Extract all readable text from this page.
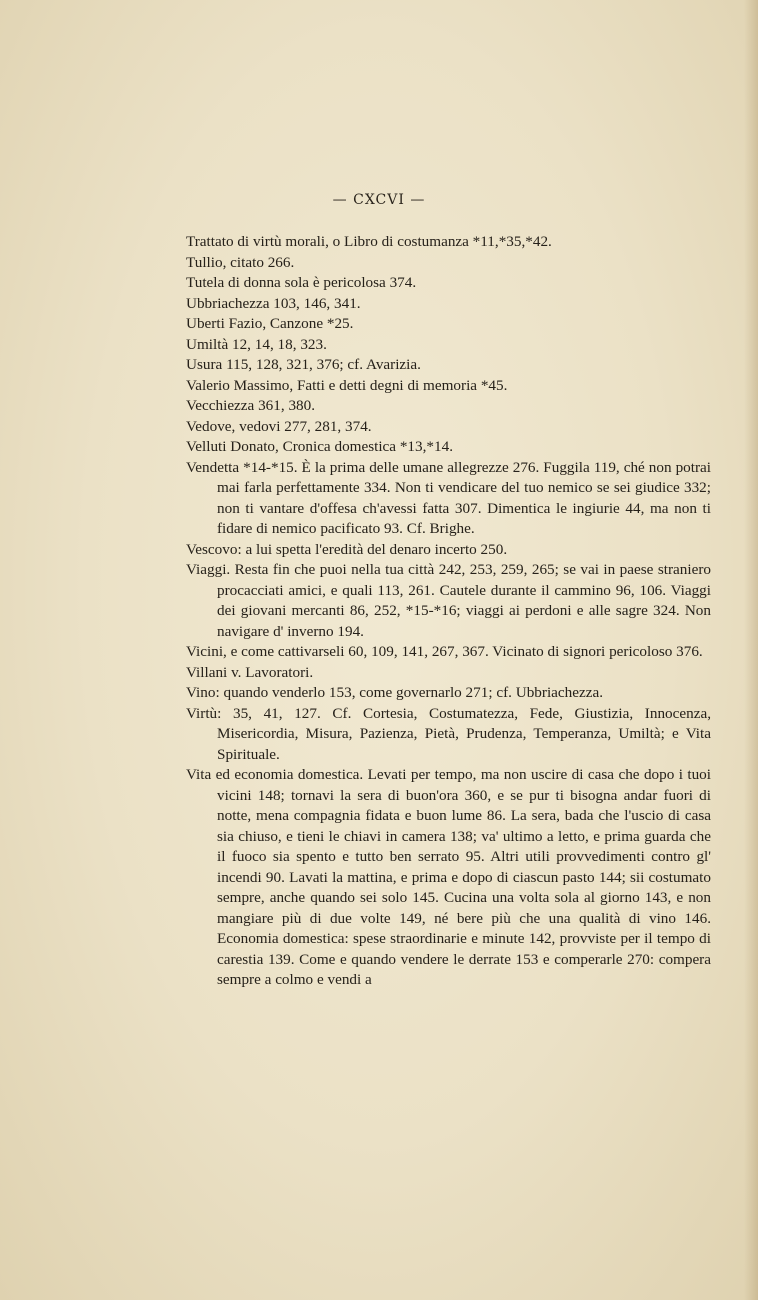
— CXCVI —
Trattato di virtù morali, o Libro di costumanza *11,*35,*42.
Tullio, citato 266.
Tutela di donna sola è pericolosa 374.
Ubbriachezza 103, 146, 341.
Uberti Fazio, Canzone *25.
Umiltà 12, 14, 18, 323.
Usura 115, 128, 321, 376; cf. Avarizia.
Valerio Massimo, Fatti e detti degni di memoria *45.
Vecchiezza 361, 380.
Vedove, vedovi 277, 281, 374.
Velluti Donato, Cronica domestica *13,*14.
Vendetta *14-*15. È la prima delle umane allegrezze 276. Fuggila 119, ché non potrai mai farla perfettamente 334. Non ti vendicare del tuo nemico se sei giudice 332; non ti vantare d'offesa ch'avessi fatta 307. Dimentica le ingiurie 44, ma non ti fidare di nemico pacificato 93. Cf. Brighe.
Vescovo: a lui spetta l'eredità del denaro incerto 250.
Viaggi. Resta fin che puoi nella tua città 242, 253, 259, 265; se vai in paese straniero procacciati amici, e quali 113, 261. Cautele durante il cammino 96, 106. Viaggi dei giovani mercanti 86, 252, *15-*16; viaggi ai perdoni e alle sagre 324. Non navigare d' inverno 194.
Vicini, e come cattivarseli 60, 109, 141, 267, 367. Vicinato di signori pericoloso 376.
Villani v. Lavoratori.
Vino: quando venderlo 153, come governarlo 271; cf. Ubbriachezza.
Virtù: 35, 41, 127. Cf. Cortesia, Costumatezza, Fede, Giustizia, Innocenza, Misericordia, Misura, Pazienza, Pietà, Prudenza, Temperanza, Umiltà; e Vita Spirituale.
Vita ed economia domestica. Levati per tempo, ma non uscire di casa che dopo i tuoi vicini 148; tornavi la sera di buon'ora 360, e se pur ti bisogna andar fuori di notte, mena compagnia fidata e buon lume 86. La sera, bada che l'uscio di casa sia chiuso, e tieni le chiavi in camera 138; va' ultimo a letto, e prima guarda che il fuoco sia spento e tutto ben serrato 95. Altri utili provvedimenti contro gl' incendi 90. Lavati la mattina, e prima e dopo di ciascun pasto 144; sii costumato sempre, anche quando sei solo 145. Cucina una volta sola al giorno 143, e non mangiare più di due volte 149, né bere più che una qualità di vino 146. Economia domestica: spese straordinarie e minute 142, provviste per il tempo di carestia 139. Come e quando vendere le derrate 153 e comperarle 270: compera sempre a colmo e vendi a
